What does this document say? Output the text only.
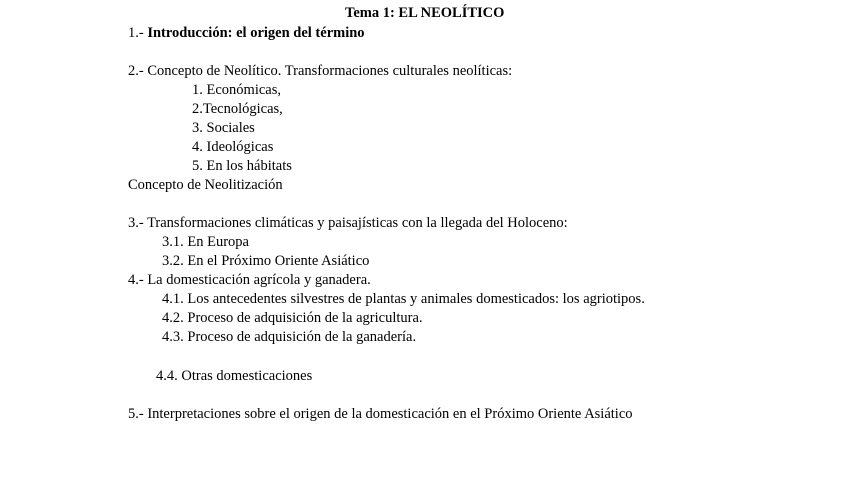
Tema 1: EL NEOLÍTICO
1.- Introducción: el origen del término
2.- Concepto de Neolítico. Transformaciones culturales neolíticas:
1. Económicas,
2.Tecnológicas,
3. Sociales
4. Ideológicas
5. En los hábitats
Concepto de Neolitización
3.- Transformaciones climáticas y paisajísticas con la llegada del Holoceno:
3.1. En Europa
3.2. En el Próximo Oriente Asiático
4.- La domesticación agrícola y ganadera.
4.1. Los antecedentes silvestres de plantas y animales domesticados: los agriotipos.
4.2. Proceso de adquisición de la agricultura.
4.3. Proceso de adquisición de la ganadería.
4.4. Otras domesticaciones
5.- Interpretaciones sobre el origen de la domesticación en el Próximo Oriente Asiático
